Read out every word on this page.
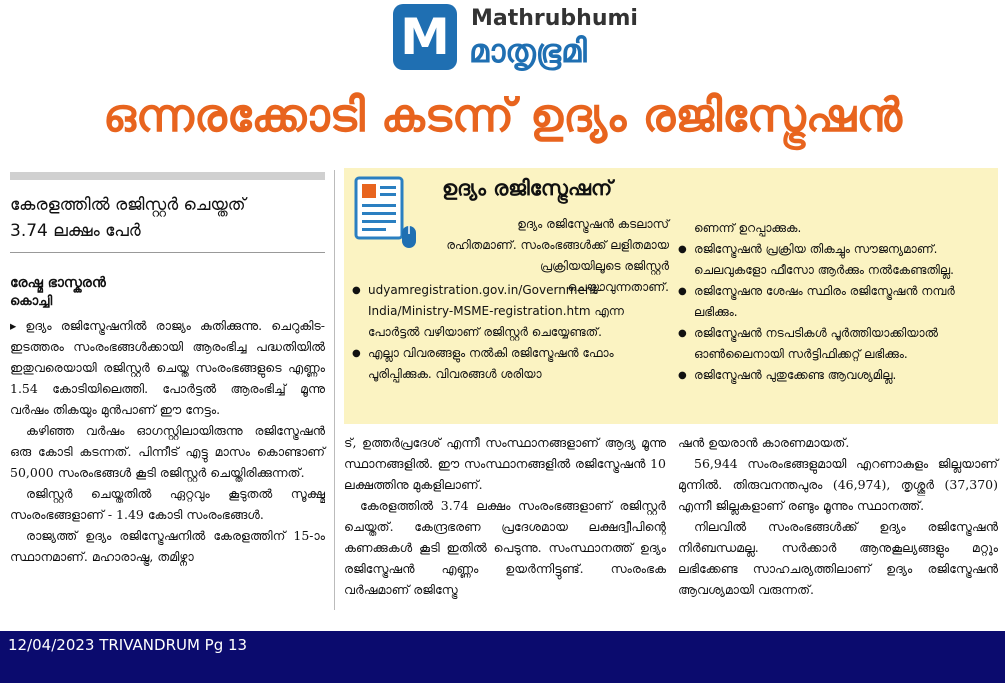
M Mathrubhumi
മാതൃഭൂമി
ഒന്നരക്കോടി കടന്ന് ഉദ്യം രജിസ്ട്രേഷൻ
കേരളത്തിൽ രജിസ്റ്റർ ചെയ്തത്
3.74 ലക്ഷം പേർ
രേഷ്മ ഭാസ്കരൻ
കൊച്ചി

▸ ഉദ്യം രജിസ്ട്രേഷനിൽ രാജ്യം കുതിക്കുന്നു. ചെറുകിട-ഇടത്തരം സംരംഭങ്ങൾക്കായി ആരംഭിച്ച പദ്ധതിയിൽ ഇതുവരെയായി രജിസ്റ്റർ ചെയ്ത സംരംഭങ്ങളുടെ എണ്ണം 1.54 കോടിയിലെത്തി. പോർട്ടൽ ആരംഭിച്ച് മൂന്നു വർഷം തികയും മുൻപാണ് ഈ നേട്ടം.

കഴിഞ്ഞ വർഷം ഓഗസ്റ്റിലായിരുന്നു രജിസ്ട്രേഷൻ ഒരു കോടി കടന്നത്. പിന്നീട് എട്ടു മാസം കൊണ്ടാണ് 50,000 സംരംഭങ്ങൾ കൂടി രജിസ്റ്റർ ചെയ്തിരിക്കുന്നത്.

രജിസ്റ്റർ ചെയ്തതിൽ ഏറ്റവും കൂടുതൽ സൂക്ഷ്മ സംരംഭങ്ങളാണ് - 1.49 കോടി സംരംഭങ്ങൾ.

രാജ്യത്ത് ഉദ്യം രജിസ്ട്രേഷനിൽ കേരളത്തിന് 15-ാം സ്ഥാനമാണ്. മഹാരാഷ്ട്ര, തമിഴ്നാ

ഉദ്യം രജിസ്ട്രേഷന്
ഉദ്യം രജിസ്ട്രേഷൻ കടലാസ് രഹിതമാണ്. സംരംഭങ്ങൾക്ക് ലളിതമായ പ്രക്രിയയിലൂടെ രജിസ്റ്റർ ചെയ്യാവുന്നതാണ്.
● udyamregistration.gov.in/Government-India/Ministry-MSME-registration.htm എന്ന പോർട്ടൽ വഴിയാണ് രജിസ്റ്റർ ചെയ്യേണ്ടത്.
● എല്ലാ വിവരങ്ങളും നൽകി രജിസ്ട്രേഷൻ ഫോം പൂരിപ്പിക്കുക. വിവരങ്ങൾ ശരിയാ
ണെന്ന് ഉറപ്പാക്കുക.
● രജിസ്ട്രേഷൻ പ്രക്രിയ തികച്ചും സൗജന്യമാണ്. ചെലവുകളോ ഫീസോ ആർക്കും നൽകേണ്ടതില്ല.
● രജിസ്ട്രേഷനു ശേഷം സ്ഥിരം രജിസ്ട്രേഷൻ നമ്പർ ലഭിക്കും.
● രജിസ്ട്രേഷൻ നടപടികൾ പൂർത്തിയാക്കിയാൽ ഓൺലൈനായി സർട്ടിഫിക്കറ്റ് ലഭിക്കും.
● രജിസ്ട്രേഷൻ പുതുക്കേണ്ട ആവശ്യമില്ല.

ട്, ഉത്തർപ്രദേശ് എന്നീ സംസ്ഥാനങ്ങളാണ് ആദ്യ മൂന്നു സ്ഥാനങ്ങളിൽ. ഈ സംസ്ഥാനങ്ങളിൽ രജിസ്ട്രേഷൻ 10 ലക്ഷത്തിനു മുകളിലാണ്.

കേരളത്തിൽ 3.74 ലക്ഷം സംരംഭങ്ങളാണ് രജിസ്റ്റർ ചെയ്തത്. കേന്ദ്രഭരണ പ്രദേശമായ ലക്ഷദ്വീപിന്റെ കണക്കുകൾ കൂടി ഇതിൽ പെടുന്നു. സംസ്ഥാനത്ത് ഉദ്യം രജിസ്ട്രേഷൻ എണ്ണം ഉയർന്നിട്ടുണ്ട്. സംരംഭക വർഷമാണ് രജിസ്ട്രേ

ഷൻ ഉയരാൻ കാരണമായത്.

56,944 സംരംഭങ്ങളുമായി എറണാകുളം ജില്ലയാണ് മുന്നിൽ. തിരുവനന്തപുരം (46,974), തൃശ്ശൂർ (37,370) എന്നീ ജില്ലകളാണ് രണ്ടും മൂന്നും സ്ഥാനത്ത്.

നിലവിൽ സംരംഭങ്ങൾക്ക് ഉദ്യം രജിസ്ട്രേഷൻ നിർബന്ധമല്ല. സർക്കാർ ആനുകൂല്യങ്ങളും മറ്റും ലഭിക്കേണ്ട സാഹചര്യത്തിലാണ് ഉദ്യം രജിസ്ട്രേഷൻ ആവശ്യമായി വരുന്നത്.

12/04/2023 TRIVANDRUM Pg 13
